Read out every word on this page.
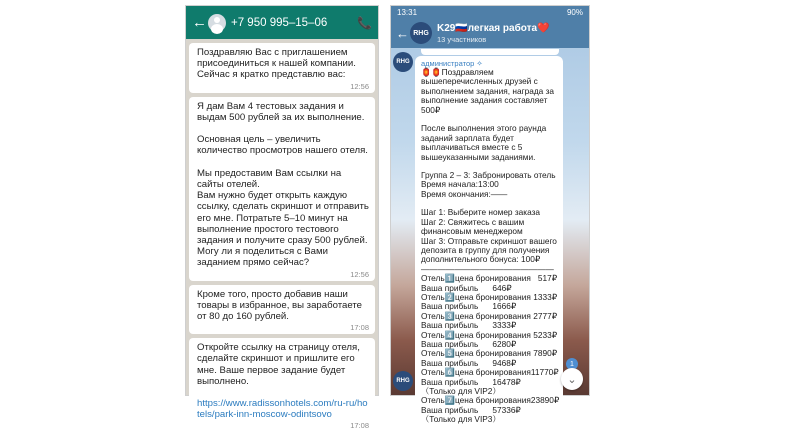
← +7 950 995–15–06	📞

Поздравляю Вас с приглашением присоединиться к нашей компании. Сейчас я кратко представлю вас:

12:56

Я дам Вам 4 тестовых задания и выдам 500 рублей за их выполнение.

Основная цель – увеличить количество просмотров нашего отеля.

Мы предоставим Вам ссылки на сайты отелей.
Вам нужно будет открыть каждую ссылку, сделать скриншот и отправить его мне. Потратьте 5–10 минут на выполнение простого тестового задания и получите сразу 500 рублей. Могу ли я поделиться с Вами заданием прямо сейчас?

12:56

Кроме того, просто добавив наши товары в избранное, вы заработаете от 80 до 160 рублей.

17:08

Откройте ссылку на страницу отеля, сделайте скриншот и пришлите его мне. Ваше первое задание будет выполнено.

https://www.radissonhotels.com/ru-ru/hotels/park-inn-moscow-odintsovo

17:08
13:31	90%
← RHG K29🇷🇺легкая работа❤️
13 участников
RHG	администратор ✧
🏮🏮Поздравляем вышеперечисленных друзей с выполнением задания, награда за выполнение задания составляет 500₽

После выполнения этого раунда заданий зарплата будет выплачиваться вместе с 5 вышеуказанными заданиями.
Группа 2 – 3: Забронировать отель
Время начала:13:00
Время окончания:——
Шаг 1: Выберите номер заказа
Шаг 2: Свяжитесь с вашим финансовым менеджером
Шаг 3: Отправьте скриншот вашего депозита в группу для получения дополнительного бонуса: 100₽
————————————————
Отель1️⃣цена бронирования 517₽
Ваша прибыль 646₽
Отель2️⃣цена бронирования 1333₽
Ваша прибыль 1666₽
Отель3️⃣цена бронирования 2777₽
Ваша прибыль 3333₽
Отель4️⃣цена бронирования 5233₽
Ваша прибыль 6280₽
Отель5️⃣цена бронирования 7890₽
Ваша прибыль 9468₽
Отель6️⃣цена бронирования 11770₽
Ваша прибыль 16478₽
（Только для VIP2）
Отель7️⃣цена бронирования 23890₽
Ваша прибыль 57336₽
（Только для VIP3）
RHG
1
⌄
